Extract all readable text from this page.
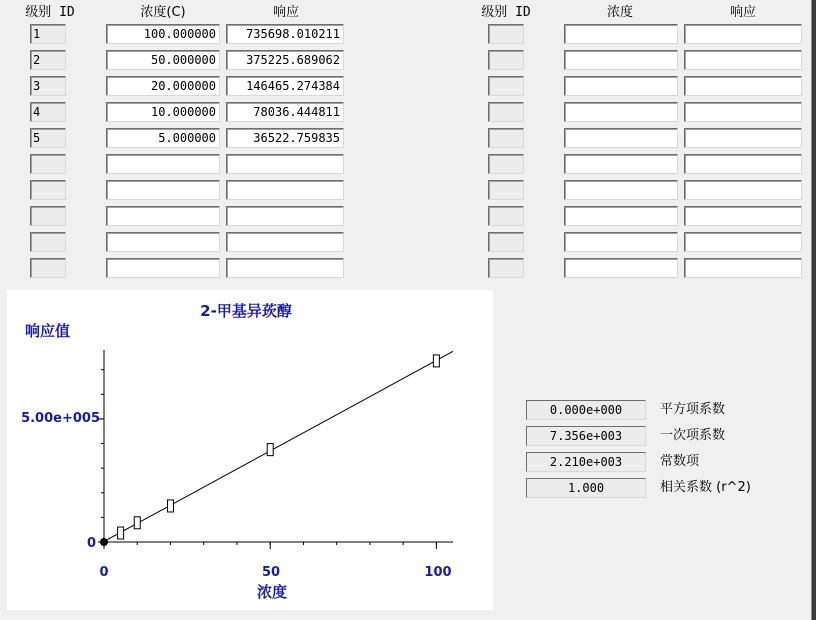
级别 ID	浓度(C)	响应	级别 ID	浓度	响应
1	100.000000	735698.010211
2	50.000000	375225.689062
3	20.000000	146465.274384
4	10.000000	78036.444811
5	5.000000	36522.759835
2-甲基异莰醇
响应值
浓度
0
5.00e+005
0	50	100
0.000e+000	平方项系数
7.356e+003	一次项系数
2.210e+003	常数项
1.000	相关系数 (r^2)
